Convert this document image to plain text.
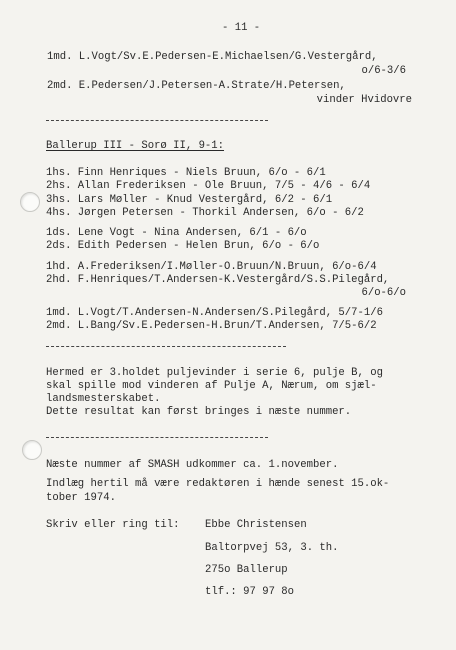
- 11 -
1md. L.Vogt/Sv.E.Pedersen-E.Michaelsen/G.Vestergård,
o/6-3/6
2md. E.Pedersen/J.Petersen-A.Strate/H.Petersen,
vinder Hvidovre
Ballerup III - Sorø II, 9-1:
1hs. Finn Henriques - Niels Bruun, 6/o - 6/1
2hs. Allan Frederiksen - Ole Bruun, 7/5 - 4/6 - 6/4
3hs. Lars Møller - Knud Vestergård, 6/2 - 6/1
4hs. Jørgen Petersen - Thorkil Andersen, 6/o - 6/2
1ds. Lene Vogt - Nina Andersen, 6/1 - 6/o
2ds. Edith Pedersen - Helen Brun, 6/o - 6/o
1hd. A.Frederiksen/I.Møller-O.Bruun/N.Bruun, 6/o-6/4
2hd. F.Henriques/T.Andersen-K.Vestergård/S.S.Pilegård,
6/o-6/o
1md. L.Vogt/T.Andersen-N.Andersen/S.Pilegård, 5/7-1/6
2md. L.Bang/Sv.E.Pedersen-H.Brun/T.Andersen, 7/5-6/2
Hermed er 3.holdet puljevinder i serie 6, pulje B, og
skal spille mod vinderen af Pulje A, Nærum, om sjæl-
landsmesterskabet.
Dette resultat kan først bringes i næste nummer.
Næste nummer af SMASH udkommer ca. 1.november.
Indlæg hertil må være redaktøren i hænde senest 15.ok-
tober 1974.
Skriv eller ring til: Ebbe Christensen
Baltorpvej 53, 3. th.
275o Ballerup
tlf.: 97 97 8o
